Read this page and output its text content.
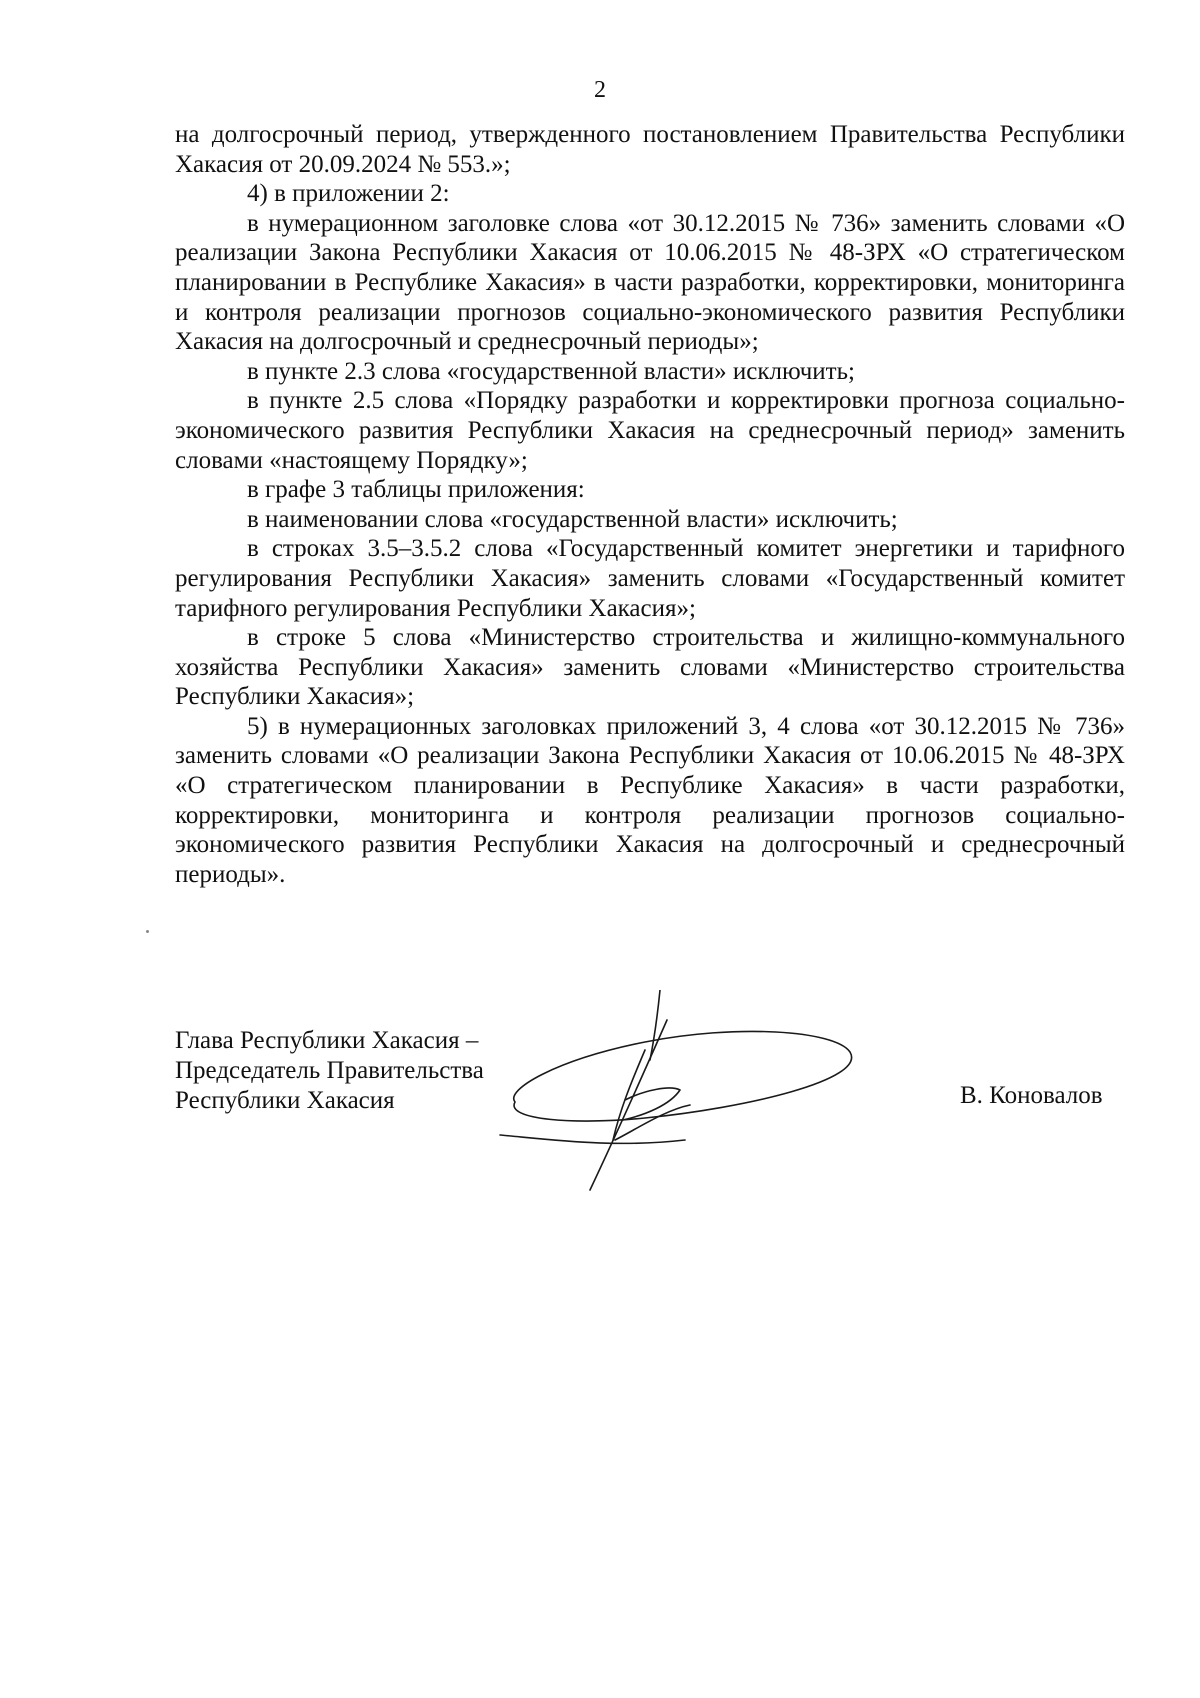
2

на долгосрочный период, утвержденного постановлением Правительства Республики Хакасия от 20.09.2024 № 553.»;

4) в приложении 2:

в нумерационном заголовке слова «от 30.12.2015 № 736» заменить словами «О реализации Закона Республики Хакасия от 10.06.2015 № 48-ЗРХ «О стратегическом планировании в Республике Хакасия» в части разработки, корректировки, мониторинга и контроля реализации прогнозов социально-экономического развития Республики Хакасия на долгосрочный и среднесрочный периоды»;

в пункте 2.3 слова «государственной власти» исключить;

в пункте 2.5 слова «Порядку разработки и корректировки прогноза социально-экономического развития Республики Хакасия на среднесрочный период» заменить словами «настоящему Порядку»;

в графе 3 таблицы приложения:

в наименовании слова «государственной власти» исключить;

в строках 3.5–3.5.2 слова «Государственный комитет энергетики и тарифного регулирования Республики Хакасия» заменить словами «Государственный комитет тарифного регулирования Республики Хакасия»;

в строке 5 слова «Министерство строительства и жилищно-коммунального хозяйства Республики Хакасия» заменить словами «Министерство строительства Республики Хакасия»;

5) в нумерационных заголовках приложений 3, 4 слова «от 30.12.2015 № 736» заменить словами «О реализации Закона Республики Хакасия от 10.06.2015 № 48-ЗРХ «О стратегическом планировании в Республике Хакасия» в части разработки, корректировки, мониторинга и контроля реализации прогнозов социально-экономического развития Республики Хакасия на долгосрочный и среднесрочный периоды».

Глава Республики Хакасия –
Председатель Правительства
Республики Хакасия	В. Коновалов
